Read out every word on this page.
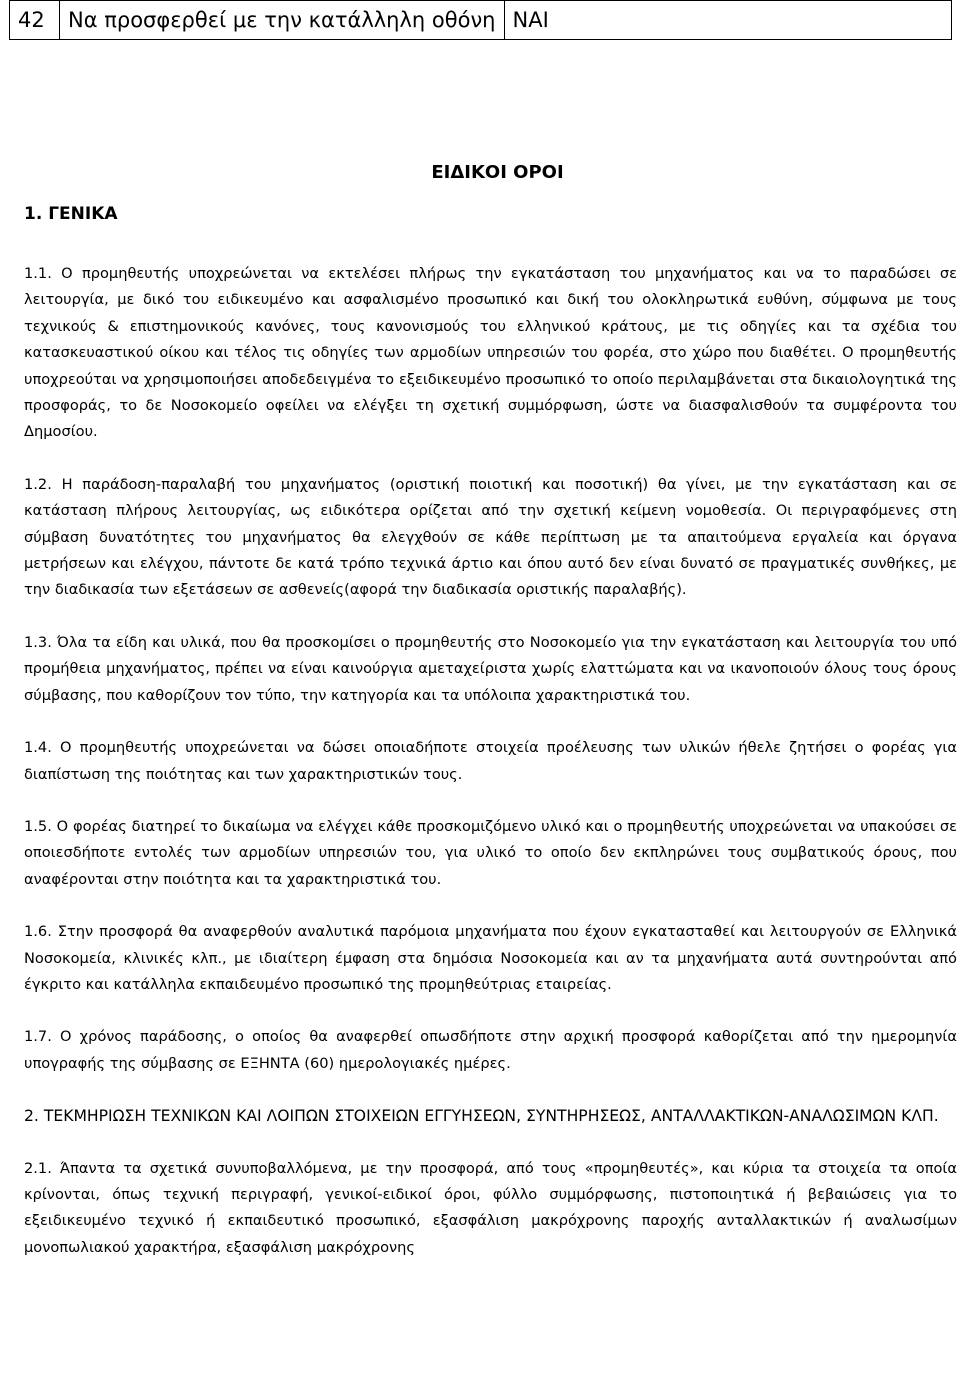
42	Να προσφερθεί με την κατάλληλη οθόνη	ΝΑΙ
ΕΙΔΙΚΟΙ ΟΡΟΙ
1. ΓΕΝΙΚΑ

1.1. Ο προμηθευτής υποχρεώνεται να εκτελέσει πλήρως την εγκατάσταση του μηχανήματος και να το παραδώσει σε λειτουργία, με δικό του ειδικευμένο και ασφαλισμένο προσωπικό και δική του ολοκληρωτικά ευθύνη, σύμφωνα με τους τεχνικούς & επιστημονικούς κανόνες, τους κανονισμούς του ελληνικού κράτους, με τις οδηγίες και τα σχέδια του κατασκευαστικού οίκου και τέλος τις οδηγίες των αρμοδίων υπηρεσιών του φορέα, στο χώρο που διαθέτει. Ο προμηθευτής υποχρεούται να χρησιμοποιήσει αποδεδειγμένα το εξειδικευμένο προσωπικό το οποίο περιλαμβάνεται στα δικαιολογητικά της προσφοράς, το δε Νοσοκομείο οφείλει να ελέγξει τη σχετική συμμόρφωση, ώστε να διασφαλισθούν τα συμφέροντα του Δημοσίου.

1.2. Η παράδοση-παραλαβή του μηχανήματος (οριστική ποιοτική και ποσοτική) θα γίνει, με την εγκατάσταση και σε κατάσταση πλήρους λειτουργίας, ως ειδικότερα ορίζεται από την σχετική κείμενη νομοθεσία. Οι περιγραφόμενες στη σύμβαση δυνατότητες του μηχανήματος θα ελεγχθούν σε κάθε περίπτωση με τα απαιτούμενα εργαλεία και όργανα μετρήσεων και ελέγχου, πάντοτε δε κατά τρόπο τεχνικά άρτιο και όπου αυτό δεν είναι δυνατό σε πραγματικές συνθήκες, με την διαδικασία των εξετάσεων σε ασθενείς(αφορά την διαδικασία οριστικής παραλαβής).

1.3. Όλα τα είδη και υλικά, που θα προσκομίσει ο προμηθευτής στο Νοσοκομείο για την εγκατάσταση και λειτουργία του υπό προμήθεια μηχανήματος, πρέπει να είναι καινούργια αμεταχείριστα χωρίς ελαττώματα και να ικανοποιούν όλους τους όρους σύμβασης, που καθορίζουν τον τύπο, την κατηγορία και τα υπόλοιπα χαρακτηριστικά του.

1.4. Ο προμηθευτής υποχρεώνεται να δώσει οποιαδήποτε στοιχεία προέλευσης των υλικών ήθελε ζητήσει ο φορέας για διαπίστωση της ποιότητας και των χαρακτηριστικών τους.

1.5. Ο φορέας διατηρεί το δικαίωμα να ελέγχει κάθε προσκομιζόμενο υλικό και ο προμηθευτής υποχρεώνεται να υπακούσει σε οποιεσδήποτε εντολές των αρμοδίων υπηρεσιών του, για υλικό το οποίο δεν εκπληρώνει τους συμβατικούς όρους, που αναφέρονται στην ποιότητα και τα χαρακτηριστικά του.

1.6. Στην προσφορά θα αναφερθούν αναλυτικά παρόμοια μηχανήματα που έχουν εγκατασταθεί και λειτουργούν σε Ελληνικά Νοσοκομεία, κλινικές κλπ., με ιδιαίτερη έμφαση στα δημόσια Νοσοκομεία και αν τα μηχανήματα αυτά συντηρούνται από έγκριτο και κατάλληλα εκπαιδευμένο προσωπικό της προμηθεύτριας εταιρείας.

1.7. Ο χρόνος παράδοσης, ο οποίος θα αναφερθεί οπωσδήποτε στην αρχική προσφορά καθορίζεται από την ημερομηνία υπογραφής της σύμβασης σε ΕΞΗΝΤΑ (60) ημερολογιακές ημέρες.

2. ΤΕΚΜΗΡΙΩΣΗ ΤΕΧΝΙΚΩΝ ΚΑΙ ΛΟΙΠΩΝ ΣΤΟΙΧΕΙΩΝ ΕΓΓΥΗΣΕΩΝ, ΣΥΝΤΗΡΗΣΕΩΣ, ΑΝΤΑΛΛΑΚΤΙΚΩΝ-ΑΝΑΛΩΣΙΜΩΝ ΚΛΠ.

2.1. Άπαντα τα σχετικά συνυποβαλλόμενα, με την προσφορά, από τους «προμηθευτές», και κύρια τα στοιχεία τα οποία κρίνονται, όπως τεχνική περιγραφή, γενικοί-ειδικοί όροι, φύλλο συμμόρφωσης, πιστοποιητικά ή βεβαιώσεις για το εξειδικευμένο τεχνικό ή εκπαιδευτικό προσωπικό, εξασφάλιση μακρόχρονης παροχής ανταλλακτικών ή αναλωσίμων μονοπωλιακού χαρακτήρα, εξασφάλιση μακρόχρονης
